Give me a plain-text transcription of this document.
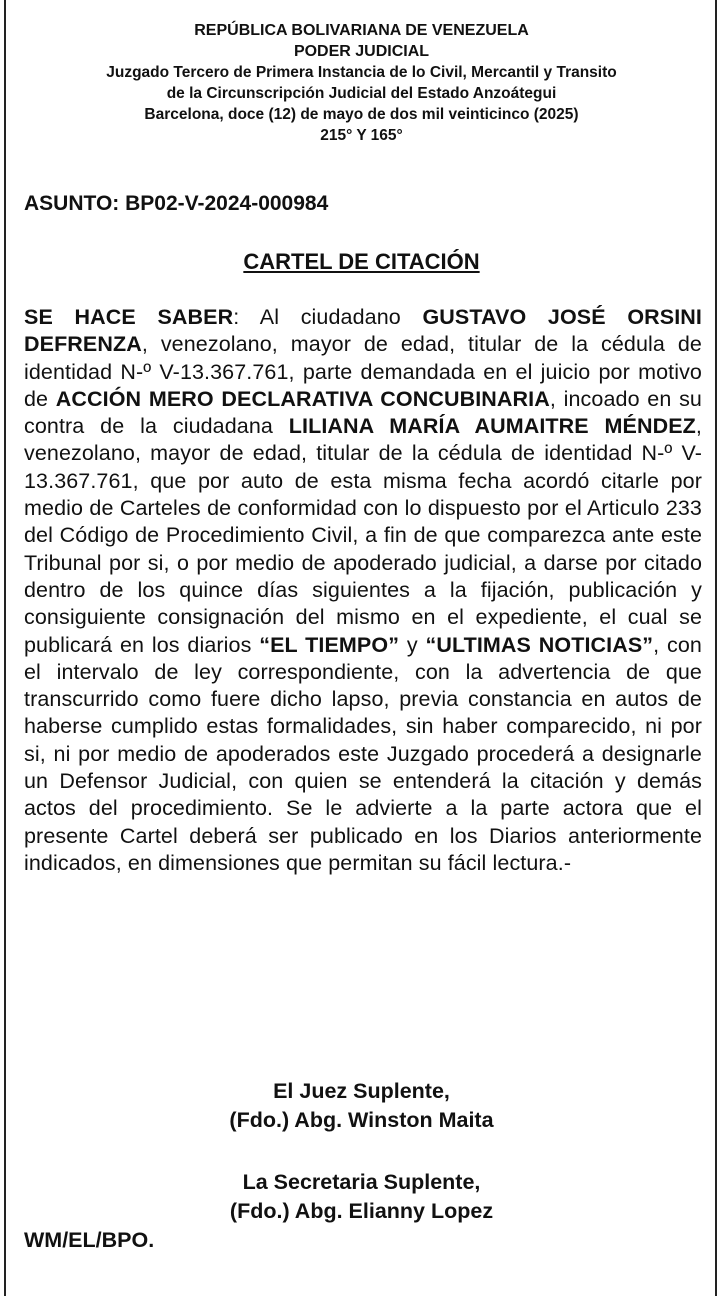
REPÚBLICA BOLIVARIANA DE VENEZUELA
PODER JUDICIAL
Juzgado Tercero de Primera Instancia de lo Civil, Mercantil y Transito
de la Circunscripción Judicial del Estado Anzoátegui
Barcelona, doce (12) de mayo de dos mil veinticinco (2025)
215° Y 165°
ASUNTO: BP02-V-2024-000984
CARTEL DE CITACIÓN
SE HACE SABER: Al ciudadano GUSTAVO JOSÉ ORSINI DEFRENZA, venezolano, mayor de edad, titular de la cédula de identidad N-º V-13.367.761, parte demandada en el juicio por motivo de ACCIÓN MERO DECLARATIVA CONCUBINARIA, incoado en su contra de la ciudadana LILIANA MARÍA AUMAITRE MÉNDEZ, venezolano, mayor de edad, titular de la cédula de identidad N-º V-13.367.761, que por auto de esta misma fecha acordó citarle por medio de Carteles de conformidad con lo dispuesto por el Articulo 233 del Código de Procedimiento Civil, a fin de que comparezca ante este Tribunal por si, o por medio de apoderado judicial, a darse por citado dentro de los quince días siguientes a la fijación, publicación y consiguiente consignación del mismo en el expediente, el cual se publicará en los diarios “EL TIEMPO” y “ULTIMAS NOTICIAS”, con el intervalo de ley correspondiente, con la advertencia de que transcurrido como fuere dicho lapso, previa constancia en autos de haberse cumplido estas formalidades, sin haber comparecido, ni por si, ni por medio de apoderados este Juzgado procederá a designarle un Defensor Judicial, con quien se entenderá la citación y demás actos del procedimiento. Se le advierte a la parte actora que el presente Cartel deberá ser publicado en los Diarios anteriormente indicados, en dimensiones que permitan su fácil lectura.-
El Juez Suplente,
(Fdo.) Abg. Winston Maita
La Secretaria Suplente,
(Fdo.) Abg. Elianny Lopez
WM/EL/BPO.
